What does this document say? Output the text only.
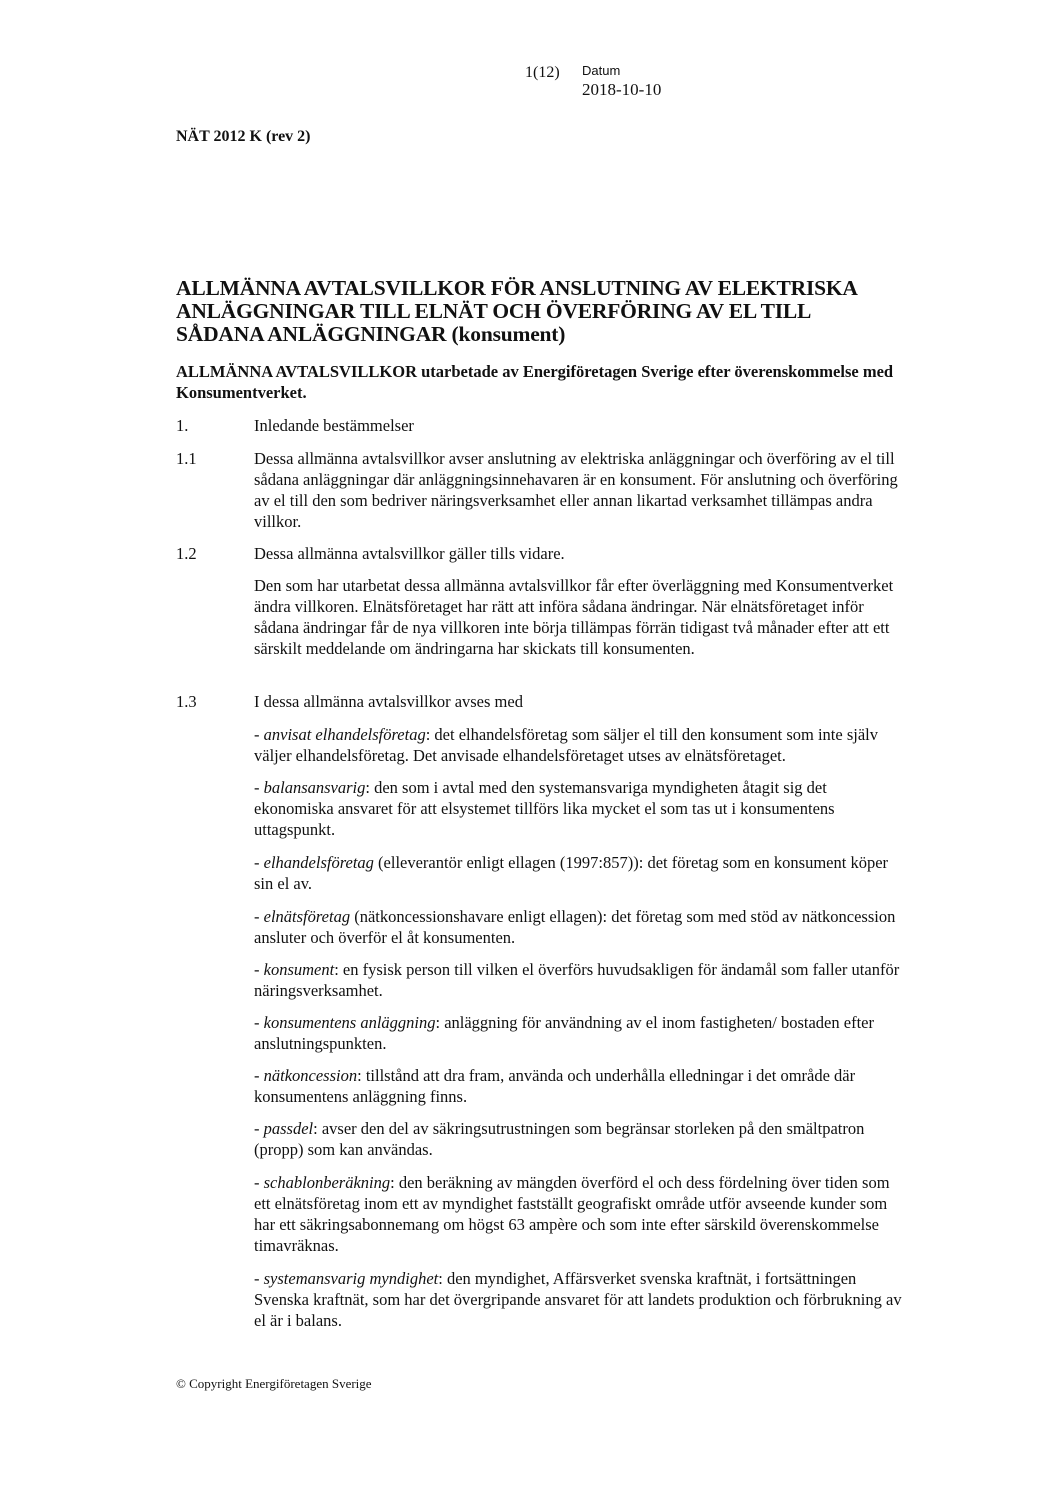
1(12) Datum
2018-10-10
NÄT 2012 K (rev 2)
ALLMÄNNA AVTALSVILLKOR FÖR ANSLUTNING AV ELEKTRISKA ANLÄGGNINGAR TILL ELNÄT OCH ÖVERFÖRING AV EL TILL SÅDANA ANLÄGGNINGAR (konsument)
ALLMÄNNA AVTALSVILLKOR utarbetade av Energiföretagen Sverige efter överenskommelse med Konsumentverket.
1.	Inledande bestämmelser
1.1	Dessa allmänna avtalsvillkor avser anslutning av elektriska anläggningar och överföring av el till sådana anläggningar där anläggningsinnehavaren är en konsument. För anslutning och överföring av el till den som bedriver näringsverksamhet eller annan likartad verksamhet tillämpas andra villkor.
1.2	Dessa allmänna avtalsvillkor gäller tills vidare.
Den som har utarbetat dessa allmänna avtalsvillkor får efter överläggning med Konsumentverket ändra villkoren. Elnätsföretaget har rätt att införa sådana ändringar. När elnätsföretaget inför sådana ändringar får de nya villkoren inte börja tillämpas förrän tidigast två månader efter att ett särskilt meddelande om ändringarna har skickats till konsumenten.
1.3	I dessa allmänna avtalsvillkor avses med
- anvisat elhandelsföretag: det elhandelsföretag som säljer el till den konsument som inte själv väljer elhandelsföretag. Det anvisade elhandelsföretaget utses av elnätsföretaget.
- balansansvarig: den som i avtal med den systemansvariga myndigheten åtagit sig det ekonomiska ansvaret för att elsystemet tillförs lika mycket el som tas ut i konsumentens uttagspunkt.
- elhandelsföretag (elleverantör enligt ellagen (1997:857)): det företag som en konsument köper sin el av.
- elnätsföretag (nätkoncessionshavare enligt ellagen): det företag som med stöd av nätkoncession ansluter och överför el åt konsumenten.
- konsument: en fysisk person till vilken el överförs huvudsakligen för ändamål som faller utanför näringsverksamhet.
- konsumentens anläggning: anläggning för användning av el inom fastigheten/ bostaden efter anslutningspunkten.
- nätkoncession: tillstånd att dra fram, använda och underhålla elledningar i det område där konsumentens anläggning finns.
- passdel: avser den del av säkringsutrustningen som begränsar storleken på den smältpatron (propp) som kan användas.
- schablonberäkning: den beräkning av mängden överförd el och dess fördelning över tiden som ett elnätsföretag inom ett av myndighet fastställt geografiskt område utför avseende kunder som har ett säkringsabonnemang om högst 63 ampère och som inte efter särskild överenskommelse timavräknas.
- systemansvarig myndighet: den myndighet, Affärsverket svenska kraftnät, i fortsättningen Svenska kraftnät, som har det övergripande ansvaret för att landets produktion och förbrukning av el är i balans.
© Copyright Energiföretagen Sverige
